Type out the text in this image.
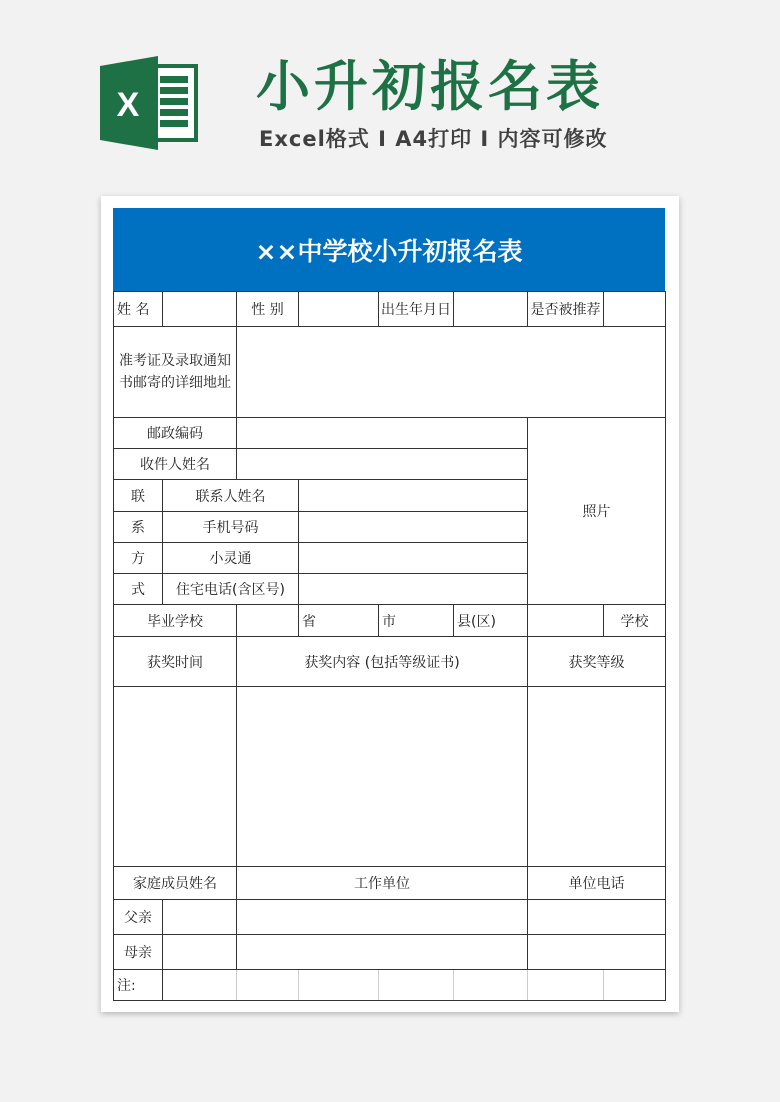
X 小升初报名表
Excel格式 I A4打印 I 内容可修改
××中学校小升初报名表
姓 名		性 别		出生年月日		是否被推荐	
准考证及录取通知书邮寄的详细地址							
邮政编码						照片	
收件人姓名							
联	联系人姓名						
系	手机号码						
方	小灵通						
式	住宅电话(含区号)						
毕业学校			省	市	县(区)		学校
获奖时间		获奖内容 (包括等级证书)				获奖等级	

家庭成员姓名		工作单位				单位电话	
父亲							
母亲							
注:							
